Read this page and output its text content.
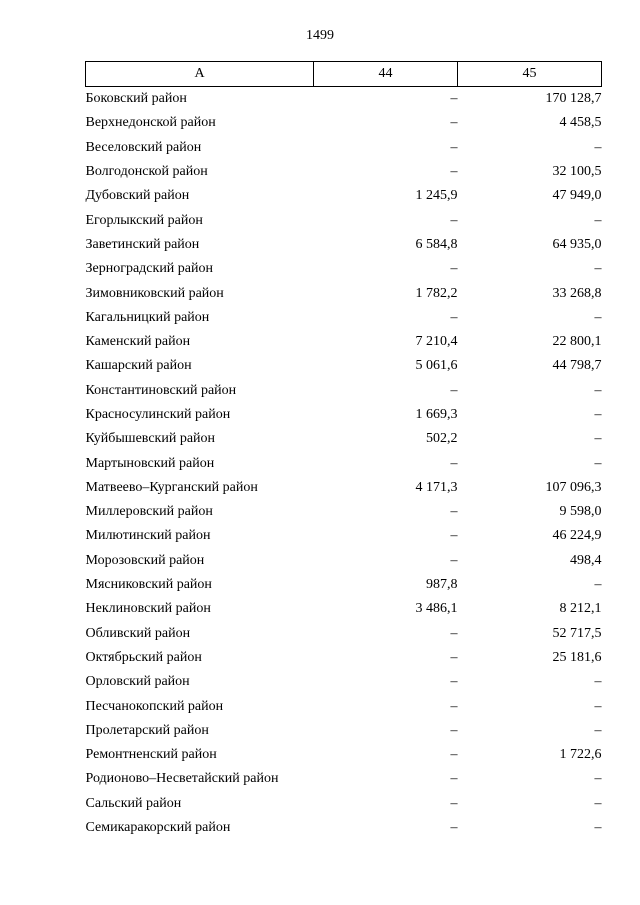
1499
А	44	45
Боковский район	–	170 128,7
Верхнедонской район	–	4 458,5
Веселовский район	–	–
Волгодонской район	–	32 100,5
Дубовский район	1 245,9	47 949,0
Егорлыкский район	–	–
Заветинский район	6 584,8	64 935,0
Зерноградский район	–	–
Зимовниковский район	1 782,2	33 268,8
Кагальницкий район	–	–
Каменский район	7 210,4	22 800,1
Кашарский район	5 061,6	44 798,7
Константиновский район	–	–
Красносулинский район	1 669,3	–
Куйбышевский район	502,2	–
Мартыновский район	–	–
Матвеево–Курганский район	4 171,3	107 096,3
Миллеровский район	–	9 598,0
Милютинский район	–	46 224,9
Морозовский район	–	498,4
Мясниковский район	987,8	–
Неклиновский район	3 486,1	8 212,1
Обливский район	–	52 717,5
Октябрьский район	–	25 181,6
Орловский район	–	–
Песчанокопский район	–	–
Пролетарский район	–	–
Ремонтненский район	–	1 722,6
Родионово–Несветайский район	–	–
Сальский район	–	–
Семикаракорский район	–	–
